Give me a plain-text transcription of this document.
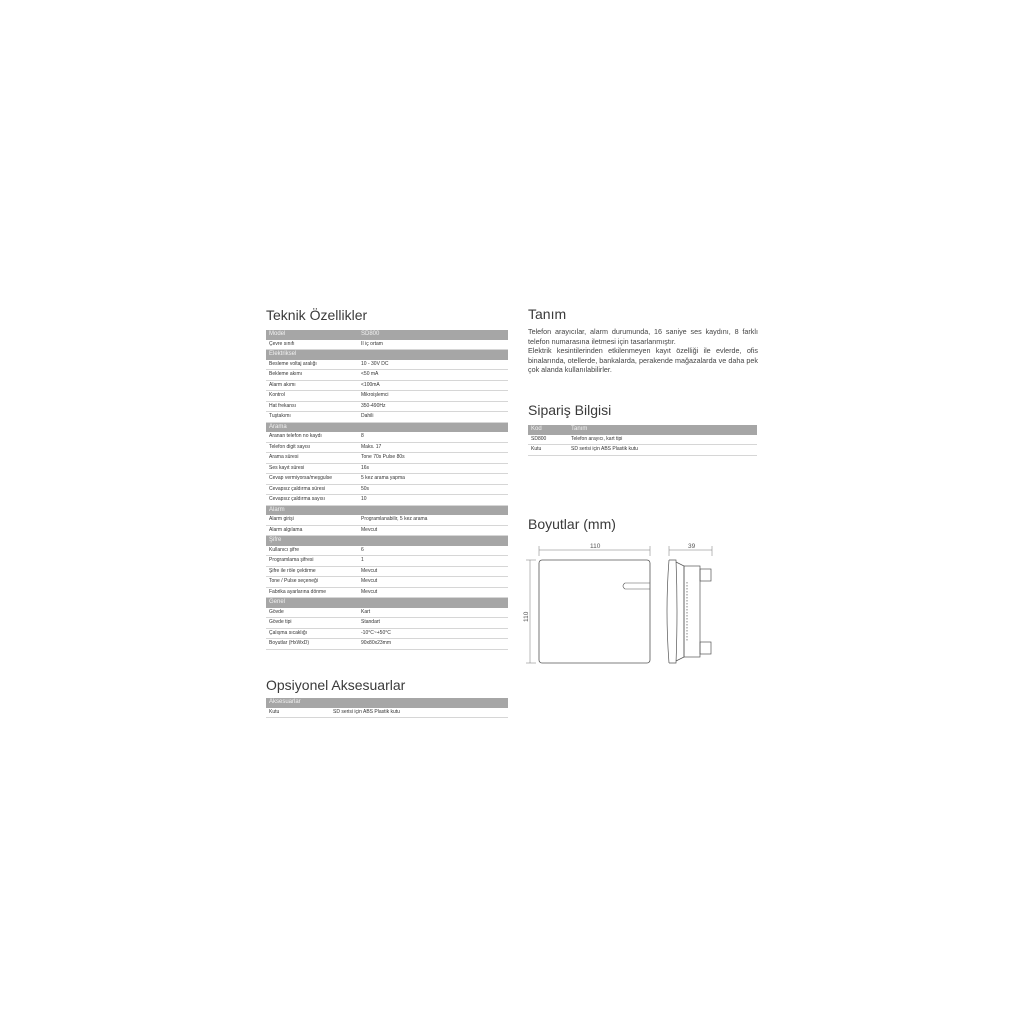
Teknik Özellikler
Model	SD800
Çevre sınıfı	II iç ortam
Elektriksel	
Besleme voltaj aralığı	10 - 30V DC
Bekleme akımı	<50 mA
Alarm akımı	<100mA
Kontrol	Mikroişlemci
Hat frekansı	350-490Hz
Tuştakımı	Dahili
Arama	
Aranan telefon no kaydı	8
Telefon digit sayısı	Maks. 17
Arama süresi	Tone 70s Pulse 80s
Ses kayıt süresi	16s
Cevap vermiyorsa/meşgulse	5 kez arama yapma
Cevapsız çaldırma süresi	50s
Cevapsız çaldırma sayısı	10
Alarm	
Alarm girişi	Programlanabilir, 5 kez arama
Alarm algılama	Mevcut
Şifre	
Kullanıcı şifre	6
Programlama şifresi	1
Şifre ile röle çektirme	Mevcut
Tone / Pulse seçeneği	Mevcut
Fabrika ayarlarına dönme	Mevcut
Genel	
Gövde	Kart
Gövde tipi	Standart
Çalışma sıcaklığı	-10°C~+50°C
Boyutlar (HxWxD)	90x80x23mm
Opsiyonel Aksesuarlar
Aksesuarlar	
Kutu	SD serisi için ABS Plastik kutu
Tanım

Telefon arayıcılar, alarm durumunda, 16 saniye ses kaydını, 8 farklı telefon numarasına iletmesi için tasarlanmıştır.

Elektrik kesintilerinden etkilenmeyen kayıt özelliği ile evlerde, ofis binalarında, otellerde, bankalarda, perakende mağazalarda ve daha pek çok alanda kullanılabilirler.

Sipariş Bilgisi
Kod	Tanım
SD800	Telefon arayıcı, kart tipi
Kutu	SD serisi için ABS Plastik kutu
Boyutlar (mm)
110
110
39
